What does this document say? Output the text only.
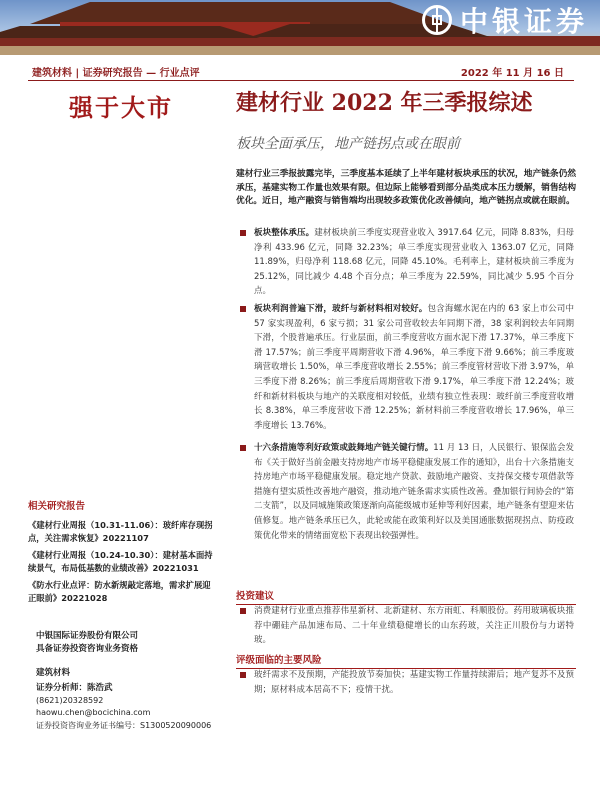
中银证券
建筑材料 | 证券研究报告 — 行业点评	2022 年 11 月 16 日
强于大市
相关研究报告
《建材行业周报（10.31-11.06）：玻纤库存现拐点，关注需求恢复》20221107
《建材行业周报（10.24-10.30）：建材基本面持续景气，布局低基数的业绩改善》20221031
《防水行业点评：防水新规敲定落地，需求扩展迎正眼前》20221028
中银国际证券股份有限公司
具备证券投资咨询业务资格
建筑材料
证券分析师：陈浩武
(8621)20328592
haowu.chen@bocichina.com
证券投资咨询业务证书编号：S1300520090006
建材行业 2022 年三季报综述
板块全面承压，地产链拐点或在眼前
建材行业三季报披露完毕，三季度基本延续了上半年建材板块承压的状况，地产链条仍然承压，基建实物工作量也效果有限。但边际上能够看到部分品类成本压力缓解，销售结构优化。近日，地产融资与销售端均出现较多政策优化改善倾向，地产链拐点或就在眼前。
板块整体承压。建材板块前三季度实现营业收入 3917.64 亿元，同降 8.83%，归母净利 433.96 亿元，同降 32.23%；单三季度实现营业收入 1363.07 亿元，同降 11.89%，归母净利 118.68 亿元，同降 45.10%。毛利率上，建材板块前三季度为 25.12%，同比减少 4.48 个百分点；单三季度为 22.59%，同比减少 5.95 个百分点。
板块利润普遍下滑，玻纤与新材料相对较好。包含海螺水泥在内的 63 家上市公司中 57 家实现盈利，6 家亏损；31 家公司营收较去年同期下滑，38 家利润较去年同期下滑，个股普遍承压。行业层面，前三季度营收方面水泥下滑 17.37%，单三季度下滑 17.57%；前三季度平周期营收下滑 4.96%，单三季度下滑 9.66%；前三季度玻璃营收增长 1.50%，单三季度营收增长 2.55%；前三季度管材营收下滑 3.97%，单三季度下滑 8.26%；前三季度后周期营收下滑 9.17%，单三季度下滑 12.24%；玻纤和新材料板块与地产的关联度相对较低，业绩有独立性表现：玻纤前三季度营收增长 8.38%，单三季度营收下滑 12.25%；新材料前三季度营收增长 17.96%，单三季度增长 13.76%。
十六条措施等利好政策或鼓舞地产链关键行情。11 月 13 日，人民银行、银保监会发布《关于做好当前金融支持房地产市场平稳健康发展工作的通知》，出台十六条措施支持房地产市场平稳健康发展。稳定地产贷款、鼓励地产融资、支持保交楼专项借款等措施有望实质性改善地产融资，推动地产链条需求实质性改善。叠加银行间协会的“第二支箭”，以及同城施策政策逐渐向高能级城市延伸等利好因素，地产链条有望迎来估值修复。地产链条承压已久，此轮或能在政策利好以及美国通胀数据现拐点、防疫政策优化带来的情绪面宽松下表现出较强弹性。
投资建议
消费建材行业重点推荐伟星新材、北新建材、东方雨虹、科顺股份。药用玻璃板块推荐中硼硅产品加速布局、二十年业绩稳健增长的山东药玻，关注正川股份与力诺特玻。
评级面临的主要风险
玻纤需求不及预期，产能投放节奏加快；基建实物工作量持续滞后；地产复苏不及预期；原材料成本居高不下；疫情干扰。
